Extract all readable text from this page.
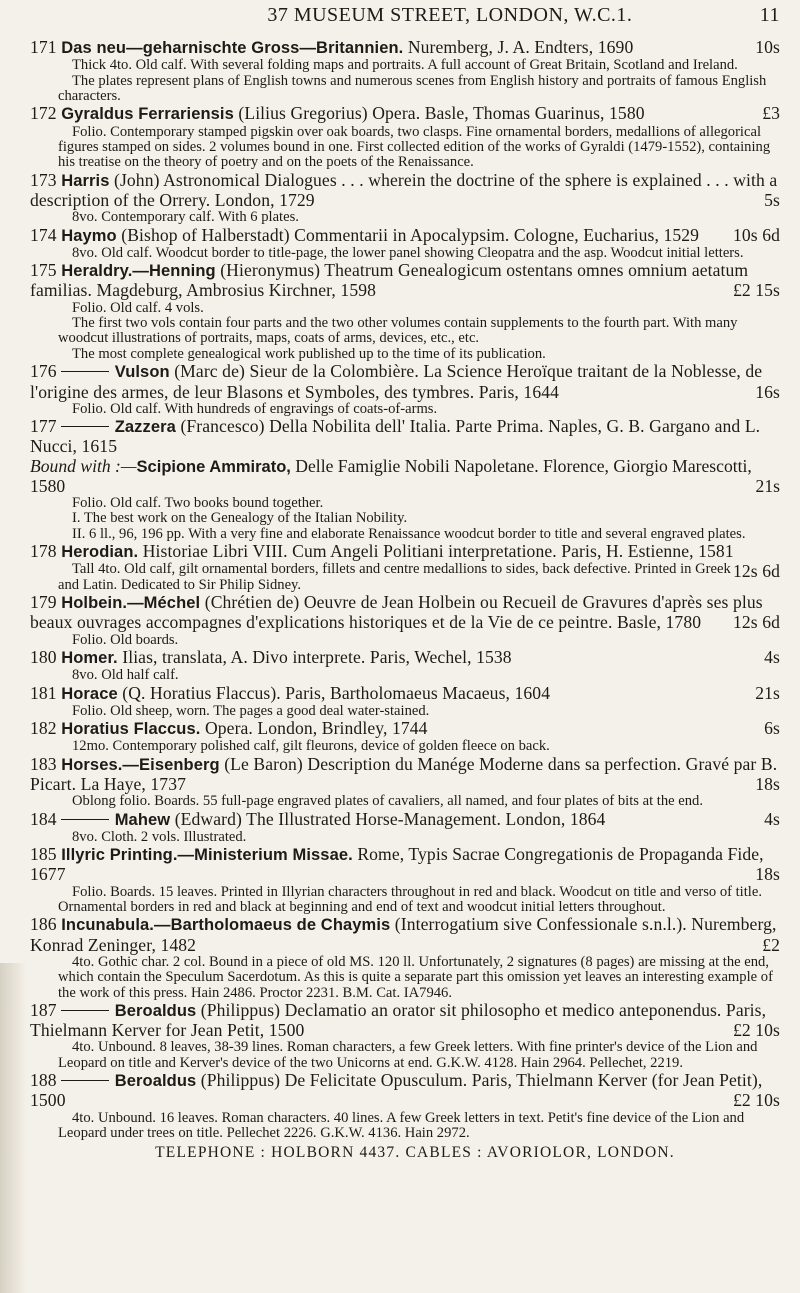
37 MUSEUM STREET, LONDON, W.C.1.	11
171 Das neu—geharnischte Gross—Britannien. Nuremberg, J. A. Endters, 1690	10s
Thick 4to. Old calf. With several folding maps and portraits. A full account of Great Britain, Scotland and Ireland.
The plates represent plans of English towns and numerous scenes from English history and portraits of famous English characters.
172 Gyraldus Ferrariensis (Lilius Gregorius) Opera. Basle, Thomas Guarinus, 1580	£3
Folio. Contemporary stamped pigskin over oak boards, two clasps. Fine ornamental borders, medallions of allegorical figures stamped on sides. 2 volumes bound in one. First collected edition of the works of Gyraldi (1479-1552), containing his treatise on the theory of poetry and on the poets of the Renaissance.
173 Harris (John) Astronomical Dialogues . . . wherein the doctrine of the sphere is explained . . . with a description of the Orrery. London, 1729	5s
8vo. Contemporary calf. With 6 plates.
174 Haymo (Bishop of Halberstadt) Commentarii in Apocalypsim. Cologne, Eucharius, 1529 10s 6d
8vo. Old calf. Woodcut border to title-page, the lower panel showing Cleopatra and the asp. Woodcut initial letters.
175 Heraldry.—Henning (Hieronymus) Theatrum Genealogicum ostentans omnes omnium aetatum familias. Magdeburg, Ambrosius Kirchner, 1598	£2 15s
Folio. Old calf. 4 vols.
The first two vols contain four parts and the two other volumes contain supplements to the fourth part. With many woodcut illustrations of portraits, maps, coats of arms, devices, etc., etc.
The most complete genealogical work published up to the time of its publication.
176	Vulson (Marc de) Sieur de la Colombière. La Science Heroïque traitant de la Noblesse, de l'origine des armes, de leur Blasons et Symboles, des tymbres. Paris, 1644	16s
Folio. Old calf. With hundreds of engravings of coats-of-arms.
177	Zazzera (Francesco) Della Nobilita dell' Italia. Parte Prima. Naples, G. B. Gargano and L. Nucci, 1615
Bound with :—Scipione Ammirato, Delle Famiglie Nobili Napoletane. Florence, Giorgio Marescotti, 1580	21s
Folio. Old calf. Two books bound together.
I. The best work on the Genealogy of the Italian Nobility.
II. 6 ll., 96, 196 pp. With a very fine and elaborate Renaissance woodcut border to title and several engraved plates.
178 Herodian. Historiae Libri VIII. Cum Angeli Politiani interpretatione. Paris, H. Estienne, 1581
12s 6d
Tall 4to. Old calf, gilt ornamental borders, fillets and centre medallions to sides, back defective. Printed in Greek and Latin. Dedicated to Sir Philip Sidney.
179 Holbein.—Méchel (Chrétien de) Oeuvre de Jean Holbein ou Recueil de Gravures d'après ses plus beaux ouvrages accompagnes d'explications historiques et de la Vie de ce peintre. Basle, 1780 12s 6d
Folio. Old boards.
180 Homer. Ilias, translata, A. Divo interprete. Paris, Wechel, 1538	4s
8vo. Old half calf.
181 Horace (Q. Horatius Flaccus). Paris, Bartholomaeus Macaeus, 1604	21s
Folio. Old sheep, worn. The pages a good deal water-stained.
182 Horatius Flaccus. Opera. London, Brindley, 1744	6s
12mo. Contemporary polished calf, gilt fleurons, device of golden fleece on back.
183 Horses.—Eisenberg (Le Baron) Description du Manége Moderne dans sa perfection. Gravé par B. Picart. La Haye, 1737	18s
Oblong folio. Boards. 55 full-page engraved plates of cavaliers, all named, and four plates of bits at the end.
184	Mahew (Edward) The Illustrated Horse-Management. London, 1864	4s
8vo. Cloth. 2 vols. Illustrated.
185 Illyric Printing.—Ministerium Missae. Rome, Typis Sacrae Congregationis de Propaganda Fide, 1677	18s
Folio. Boards. 15 leaves. Printed in Illyrian characters throughout in red and black. Woodcut on title and verso of title. Ornamental borders in red and black at beginning and end of text and woodcut initial letters throughout.
186 Incunabula.—Bartholomaeus de Chaymis (Interrogatium sive Confessionale s.n.l.). Nuremberg, Konrad Zeninger, 1482	£2
4to. Gothic char. 2 col. Bound in a piece of old MS. 120 ll. Unfortunately, 2 signatures (8 pages) are missing at the end, which contain the Speculum Sacerdotum. As this is quite a separate part this omission yet leaves an interesting example of the work of this press. Hain 2486. Proctor 2231. B.M. Cat. IA7946.
187	Beroaldus (Philippus) Declamatio an orator sit philosopho et medico anteponendus. Paris, Thielmann Kerver for Jean Petit, 1500	£2 10s
4to. Unbound. 8 leaves, 38-39 lines. Roman characters, a few Greek letters. With fine printer's device of the Lion and Leopard on title and Kerver's device of the two Unicorns at end. G.K.W. 4128. Hain 2964. Pellechet, 2219.
188	Beroaldus (Philippus) De Felicitate Opusculum. Paris, Thielmann Kerver (for Jean Petit), 1500	£2 10s
4to. Unbound. 16 leaves. Roman characters. 40 lines. A few Greek letters in text. Petit's fine device of the Lion and Leopard under trees on title. Pellechet 2226. G.K.W. 4136. Hain 2972.
TELEPHONE : HOLBORN 4437. CABLES : AVORIOLOR, LONDON.
